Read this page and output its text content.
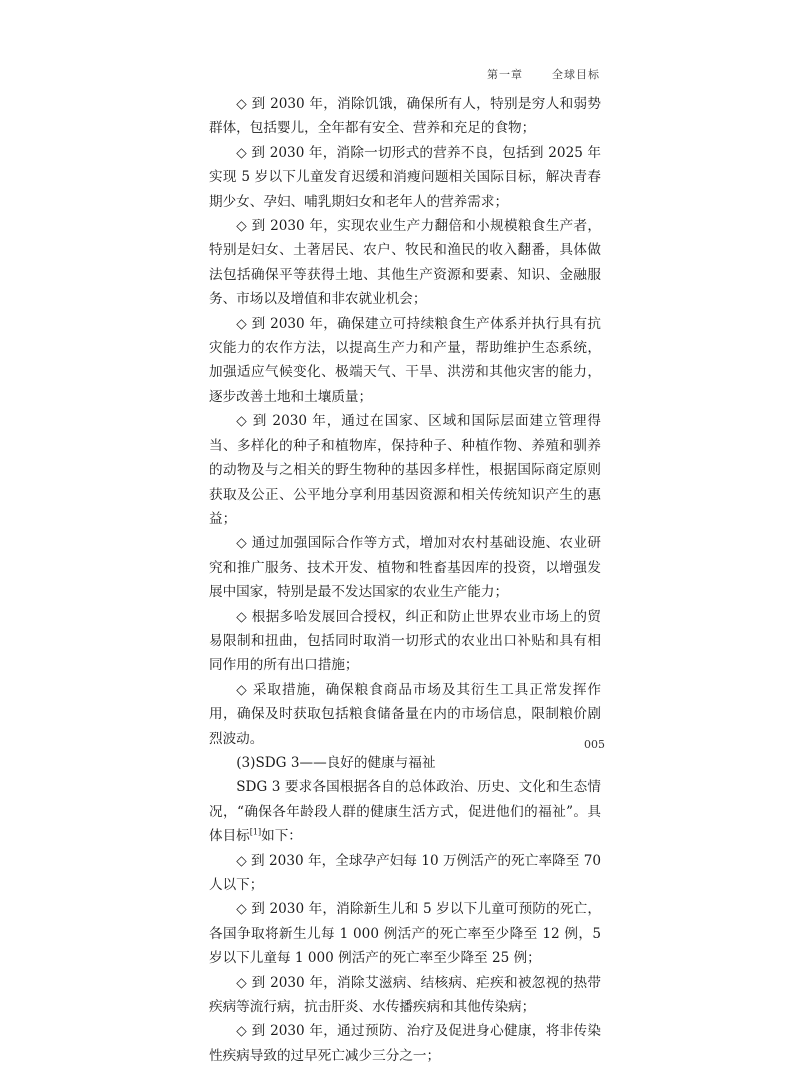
第一章  	全球目标

◇ 到 2030 年，消除饥饿，确保所有人，特别是穷人和弱势群体，包括婴儿，全年都有安全、营养和充足的食物；

◇ 到 2030 年，消除一切形式的营养不良，包括到 2025 年实现 5 岁以下儿童发育迟缓和消瘦问题相关国际目标，解决青春期少女、孕妇、哺乳期妇女和老年人的营养需求；

◇ 到 2030 年，实现农业生产力翻倍和小规模粮食生产者，特别是妇女、土著居民、农户、牧民和渔民的收入翻番，具体做法包括确保平等获得土地、其他生产资源和要素、知识、金融服务、市场以及增值和非农就业机会；

◇ 到 2030 年，确保建立可持续粮食生产体系并执行具有抗灾能力的农作方法，以提高生产力和产量，帮助维护生态系统，加强适应气候变化、极端天气、干旱、洪涝和其他灾害的能力，逐步改善土地和土壤质量；

◇ 到 2030 年，通过在国家、区域和国际层面建立管理得当、多样化的种子和植物库，保持种子、种植作物、养殖和驯养的动物及与之相关的野生物种的基因多样性，根据国际商定原则获取及公正、公平地分享利用基因资源和相关传统知识产生的惠益；

◇ 通过加强国际合作等方式，增加对农村基础设施、农业研究和推广服务、技术开发、植物和牲畜基因库的投资，以增强发展中国家，特别是最不发达国家的农业生产能力；

◇ 根据多哈发展回合授权，纠正和防止世界农业市场上的贸易限制和扭曲，包括同时取消一切形式的农业出口补贴和具有相同作用的所有出口措施；

◇ 采取措施，确保粮食商品市场及其衍生工具正常发挥作用，确保及时获取包括粮食储备量在内的市场信息，限制粮价剧烈波动。

(3)SDG 3——良好的健康与福祉

SDG 3 要求各国根据各自的总体政治、历史、文化和生态情况，“确保各年龄段人群的健康生活方式，促进他们的福祉”。具体目标[1]如下：

◇ 到 2030 年，全球孕产妇每 10 万例活产的死亡率降至 70 人以下；

◇ 到 2030 年，消除新生儿和 5 岁以下儿童可预防的死亡，各国争取将新生儿每 1 000 例活产的死亡率至少降至 12 例，5 岁以下儿童每 1 000 例活产的死亡率至少降至 25 例；

◇ 到 2030 年，消除艾滋病、结核病、疟疾和被忽视的热带疾病等流行病，抗击肝炎、水传播疾病和其他传染病；

◇ 到 2030 年，通过预防、治疗及促进身心健康，将非传染性疾病导致的过早死亡减少三分之一；

005
